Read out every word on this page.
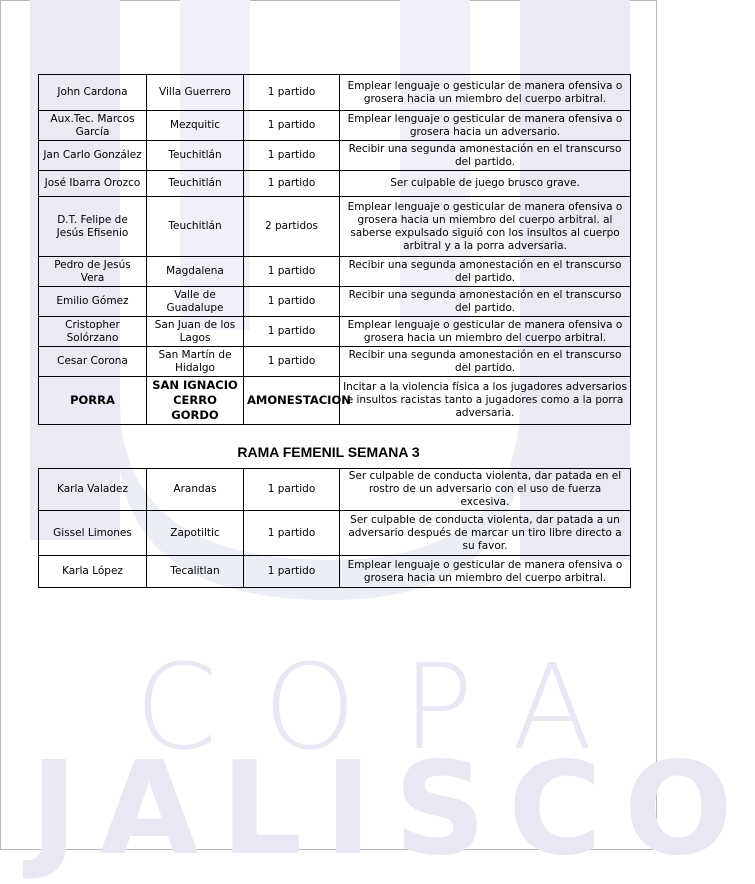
COPA
JALISCO
John Cardona	Villa Guerrero	1 partido	Emplear lenguaje o gesticular de manera ofensiva o grosera hacia un miembro del cuerpo arbitral.
Aux.Tec. Marcos García	Mezquitic	1 partido	Emplear lenguaje o gesticular de manera ofensiva o grosera hacia un adversario.
Jan Carlo González	Teuchitlán	1 partido	Recibir una segunda amonestación en el transcurso del partido.
José Ibarra Orozco	Teuchitlán	1 partido	Ser culpable de juego brusco grave.
D.T. Felipe de Jesús Efisenio	Teuchitlán	2 partidos	Emplear lenguaje o gesticular de manera ofensiva o grosera hacia un miembro del cuerpo arbitral. al saberse expulsado siguió con los insultos al cuerpo arbitral y a la porra adversaria.
Pedro de Jesús Vera	Magdalena	1 partido	Recibir una segunda amonestación en el transcurso del partido.
Emilio Gómez	Valle de Guadalupe	1 partido	Recibir una segunda amonestación en el transcurso del partido.
Cristopher Solórzano	San Juan de los Lagos	1 partido	Emplear lenguaje o gesticular de manera ofensiva o grosera hacia un miembro del cuerpo arbitral.
Cesar Corona	San Martín de Hidalgo	1 partido	Recibir una segunda amonestación en el transcurso del partido.
PORRA	SAN IGNACIO CERRO GORDO	AMONESTACION	Incitar a la violencia física a los jugadores adversarios e insultos racistas tanto a jugadores como a la porra adversaria.
RAMA FEMENIL SEMANA 3
Karla Valadez	Arandas	1 partido	Ser culpable de conducta violenta, dar patada en el rostro de un adversario con el uso de fuerza excesiva.
Gissel Limones	Zapotiltic	1 partido	Ser culpable de conducta violenta, dar patada a un adversario después de marcar un tiro libre directo a su favor.
Karla López	Tecalitlan	1 partido	Emplear lenguaje o gesticular de manera ofensiva o grosera hacia un miembro del cuerpo arbitral.
